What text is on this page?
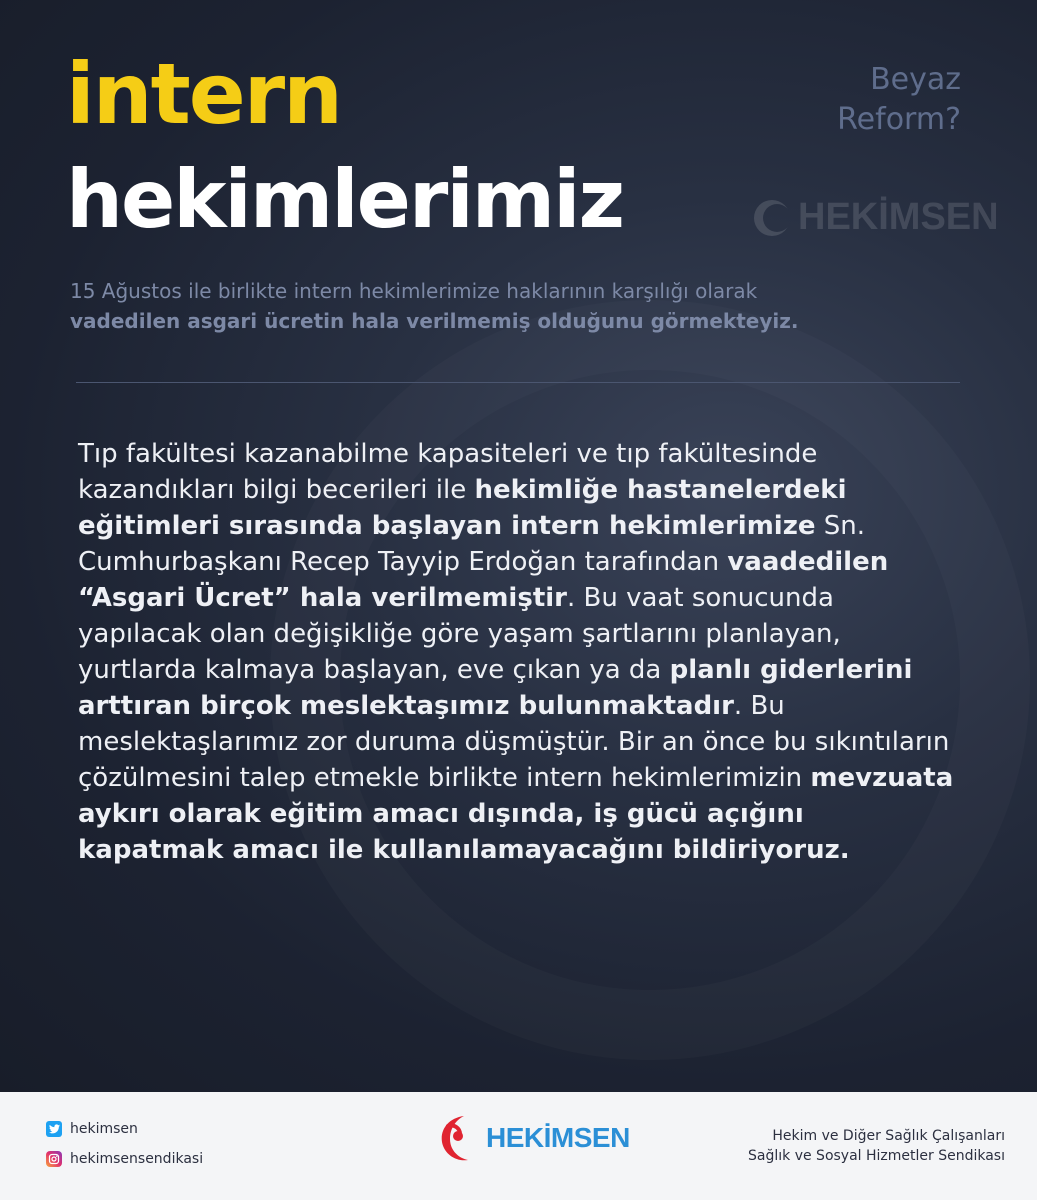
intern
hekimlerimiz
Beyaz
Reform?
HEKİMSEN
15 Ağustos ile birlikte intern hekimlerimize haklarının karşılığı olarak
vadedilen asgari ücretin hala verilmemiş olduğunu görmekteyiz.
Tıp fakültesi kazanabilme kapasiteleri ve tıp fakültesinde kazandıkları bilgi becerileri ile hekimliğe hastanelerdeki eğitimleri sırasında başlayan intern hekimlerimize Sn. Cumhurbaşkanı Recep Tayyip Erdoğan tarafından vaadedilen “Asgari Ücret” hala verilmemiştir. Bu vaat sonucunda yapılacak olan değişikliğe göre yaşam şartlarını planlayan, yurtlarda kalmaya başlayan, eve çıkan ya da planlı giderlerini arttıran birçok meslektaşımız bulunmaktadır. Bu meslektaşlarımız zor duruma düşmüştür. Bir an önce bu sıkıntıların çözülmesini talep etmekle birlikte intern hekimlerimizin mevzuata aykırı olarak eğitim amacı dışında, iş gücü açığını kapatmak amacı ile kullanılamayacağını bildiriyoruz.
hekimsen
hekimsensendikasi
HEKİMSEN	Hekim ve Diğer Sağlık Çalışanları
Sağlık ve Sosyal Hizmetler Sendikası
